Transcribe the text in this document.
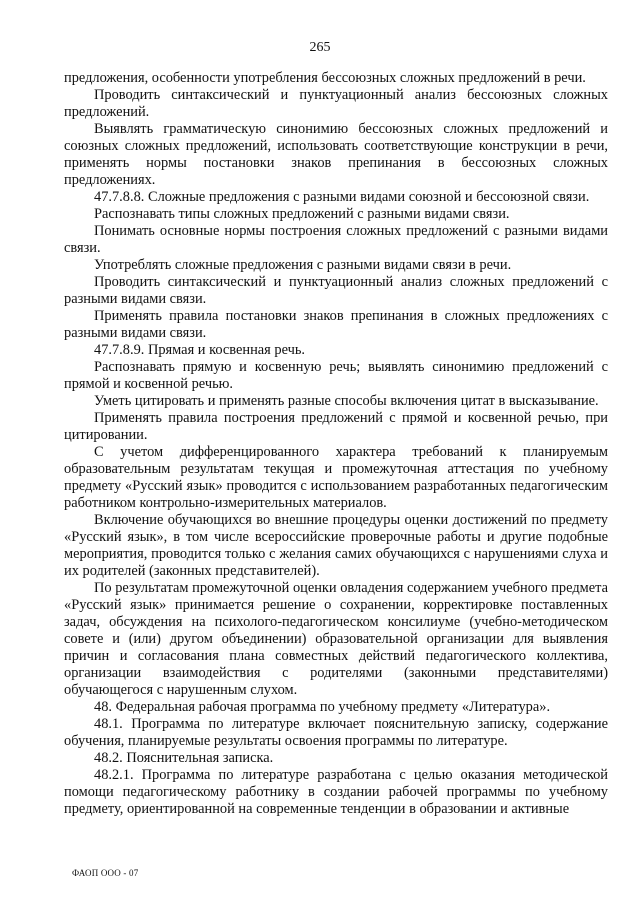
265

предложения, особенности употребления бессоюзных сложных предложений в речи.

Проводить синтаксический и пунктуационный анализ бессоюзных сложных предложений.

Выявлять грамматическую синонимию бессоюзных сложных предложений и союзных сложных предложений, использовать соответствующие конструкции в речи, применять нормы постановки знаков препинания в бессоюзных сложных предложениях.

47.7.8.8. Сложные предложения с разными видами союзной и бессоюзной связи.

Распознавать типы сложных предложений с разными видами связи.

Понимать основные нормы построения сложных предложений с разными видами связи.

Употреблять сложные предложения с разными видами связи в речи.

Проводить синтаксический и пунктуационный анализ сложных предложений с разными видами связи.

Применять правила постановки знаков препинания в сложных предложениях с разными видами связи.

47.7.8.9. Прямая и косвенная речь.

Распознавать прямую и косвенную речь; выявлять синонимию предложений с прямой и косвенной речью.

Уметь цитировать и применять разные способы включения цитат в высказывание.

Применять правила построения предложений с прямой и косвенной речью, при цитировании.

С учетом дифференцированного характера требований к планируемым образовательным результатам текущая и промежуточная аттестация по учебному предмету «Русский язык» проводится с использованием разработанных педагогическим работником контрольно-измерительных материалов.

Включение обучающихся во внешние процедуры оценки достижений по предмету «Русский язык», в том числе всероссийские проверочные работы и другие подобные мероприятия, проводится только с желания самих обучающихся с нарушениями слуха и их родителей (законных представителей).

По результатам промежуточной оценки овладения содержанием учебного предмета «Русский язык» принимается решение о сохранении, корректировке поставленных задач, обсуждения на психолого-педагогическом консилиуме (учебно-методическом совете и (или) другом объединении) образовательной организации для выявления причин и согласования плана совместных действий педагогического коллектива, организации взаимодействия с родителями (законными представителями) обучающегося с нарушенным слухом.

48. Федеральная рабочая программа по учебному предмету «Литература».

48.1. Программа по литературе включает пояснительную записку, содержание обучения, планируемые результаты освоения программы по литературе.

48.2. Пояснительная записка.

48.2.1. Программа по литературе разработана с целью оказания методической помощи педагогическому работнику в создании рабочей программы по учебному предмету, ориентированной на современные тенденции в образовании и активные

ФАОП ООО - 07
